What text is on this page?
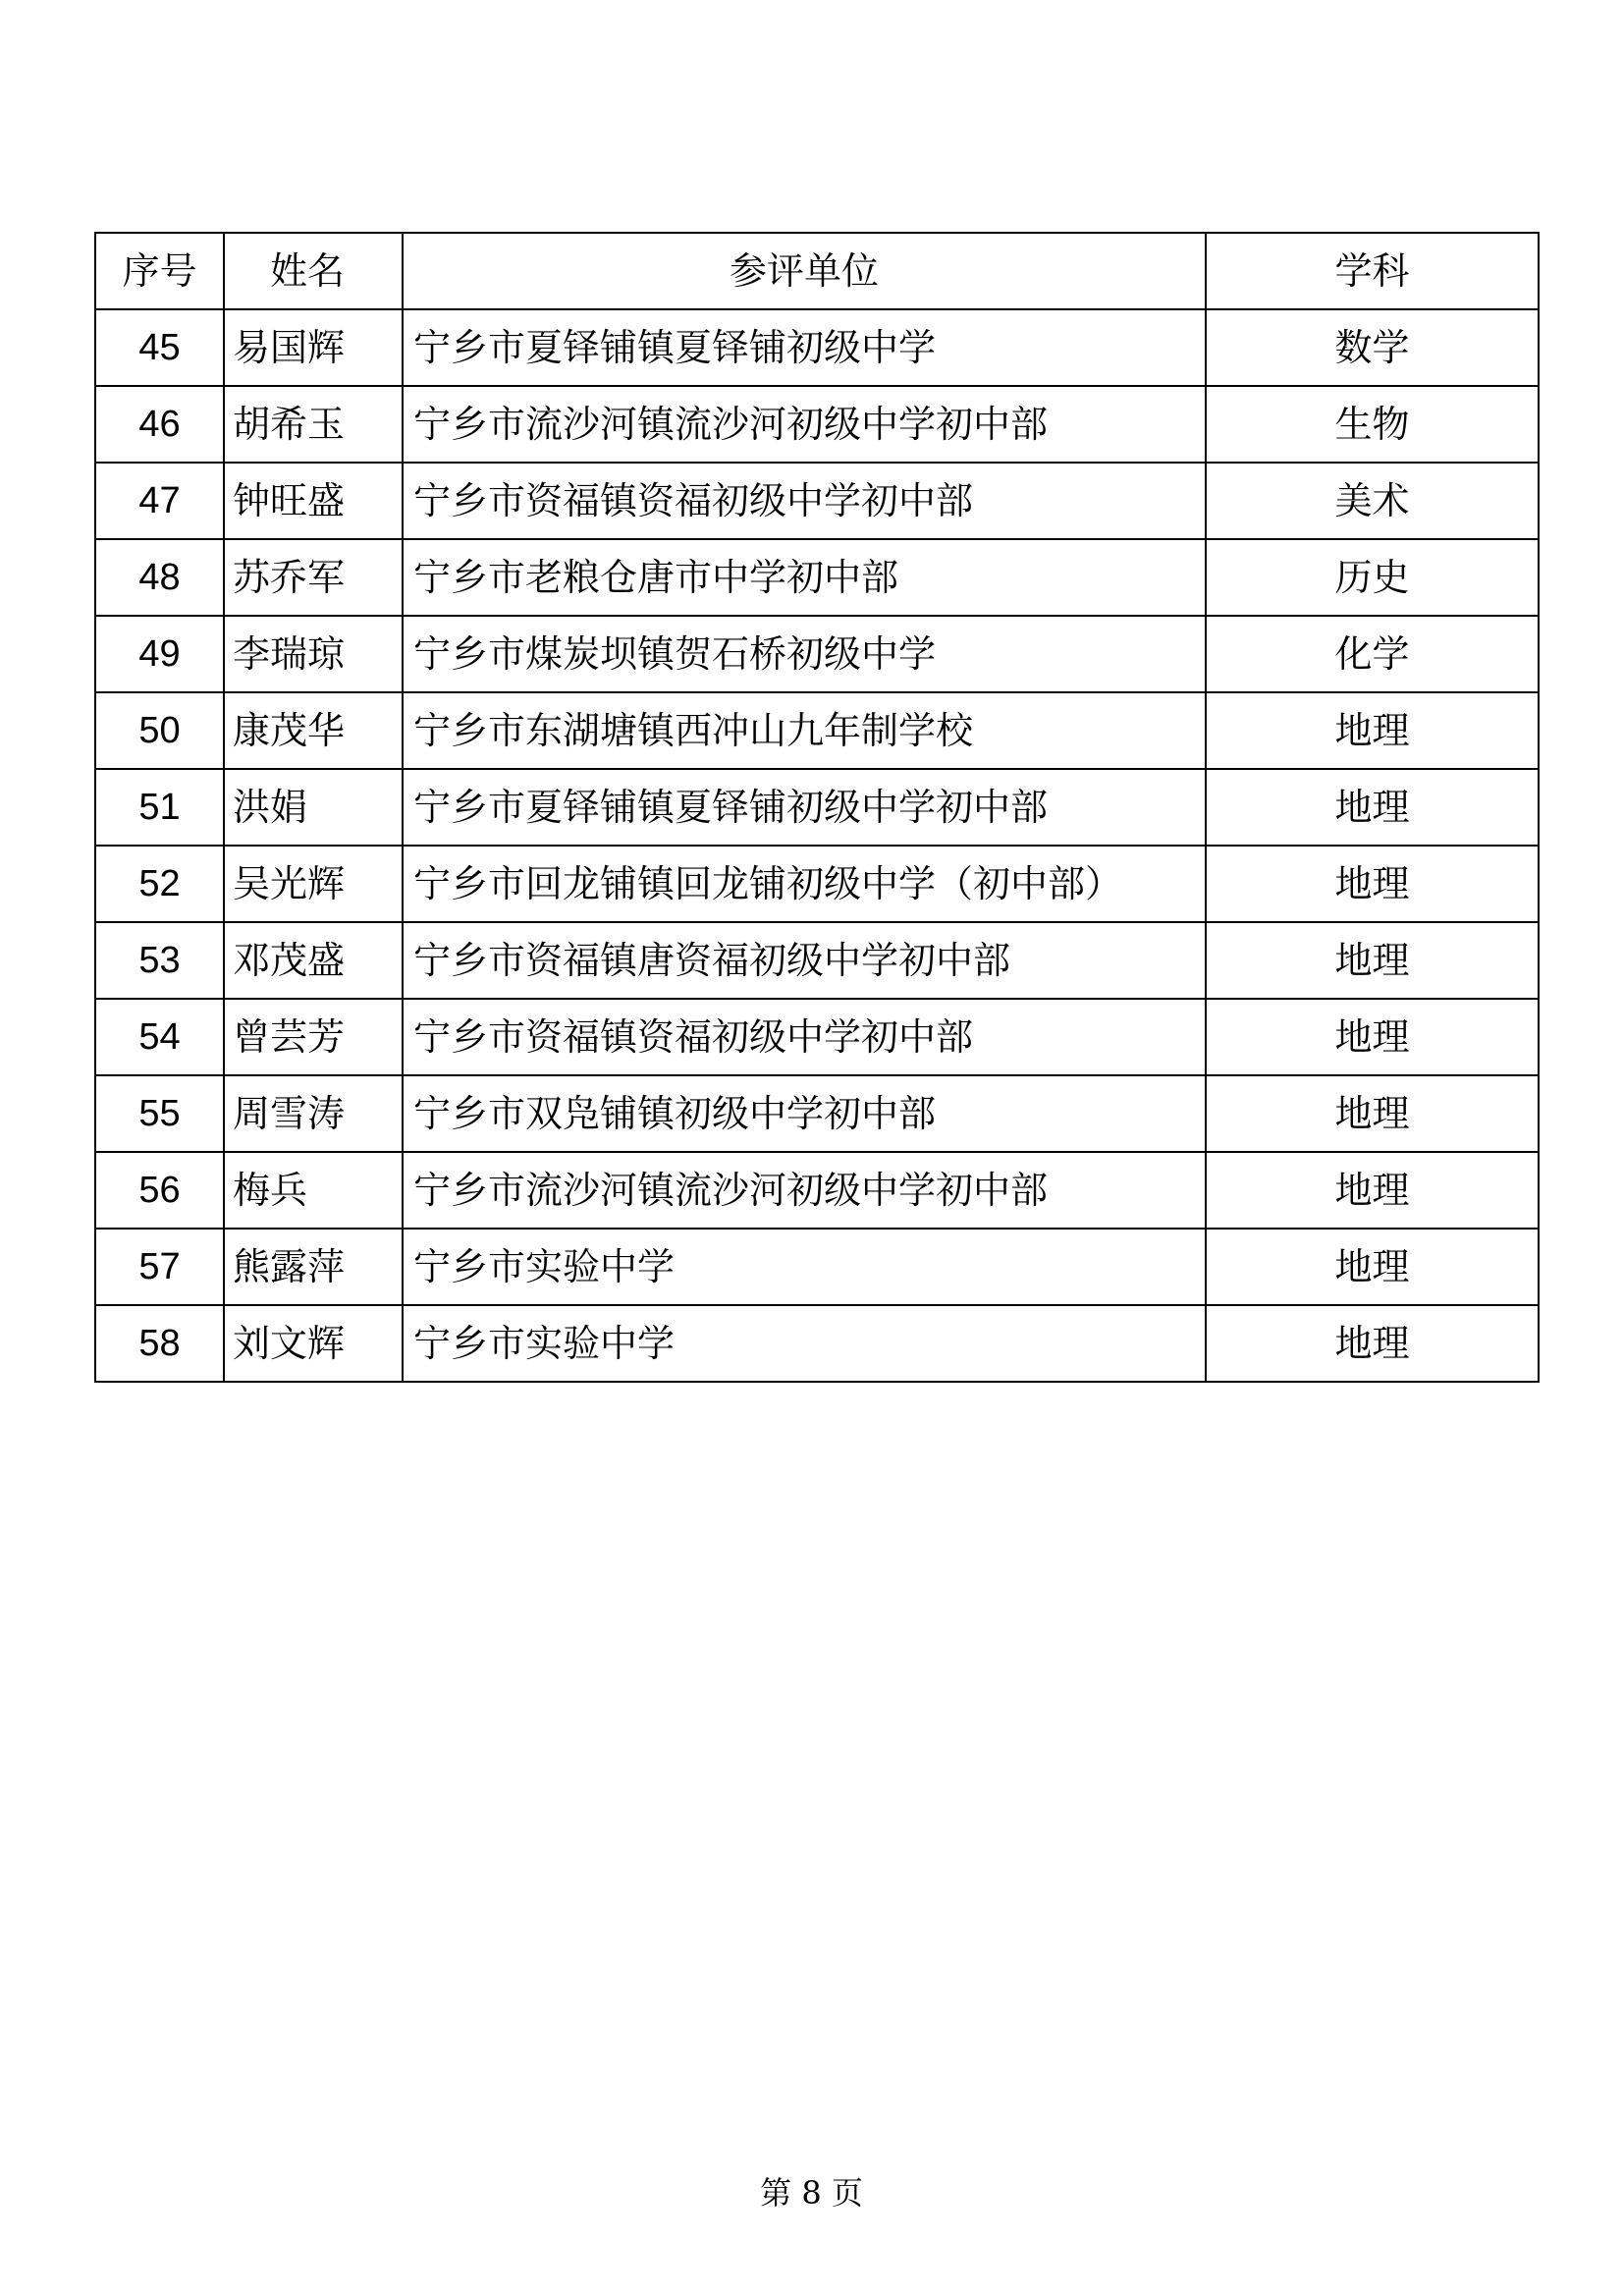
序号	姓名	参评单位	学科
45	易国辉	宁乡市夏铎铺镇夏铎铺初级中学	数学
46	胡希玉	宁乡市流沙河镇流沙河初级中学初中部	生物
47	钟旺盛	宁乡市资福镇资福初级中学初中部	美术
48	苏乔军	宁乡市老粮仓唐市中学初中部	历史
49	李瑞琼	宁乡市煤炭坝镇贺石桥初级中学	化学
50	康茂华	宁乡市东湖塘镇西冲山九年制学校	地理
51	洪娟	宁乡市夏铎铺镇夏铎铺初级中学初中部	地理
52	吴光辉	宁乡市回龙铺镇回龙铺初级中学（初中部）	地理
53	邓茂盛	宁乡市资福镇唐资福初级中学初中部	地理
54	曾芸芳	宁乡市资福镇资福初级中学初中部	地理
55	周雪涛	宁乡市双凫铺镇初级中学初中部	地理
56	梅兵	宁乡市流沙河镇流沙河初级中学初中部	地理
57	熊露萍	宁乡市实验中学	地理
58	刘文辉	宁乡市实验中学	地理
第 8 页
